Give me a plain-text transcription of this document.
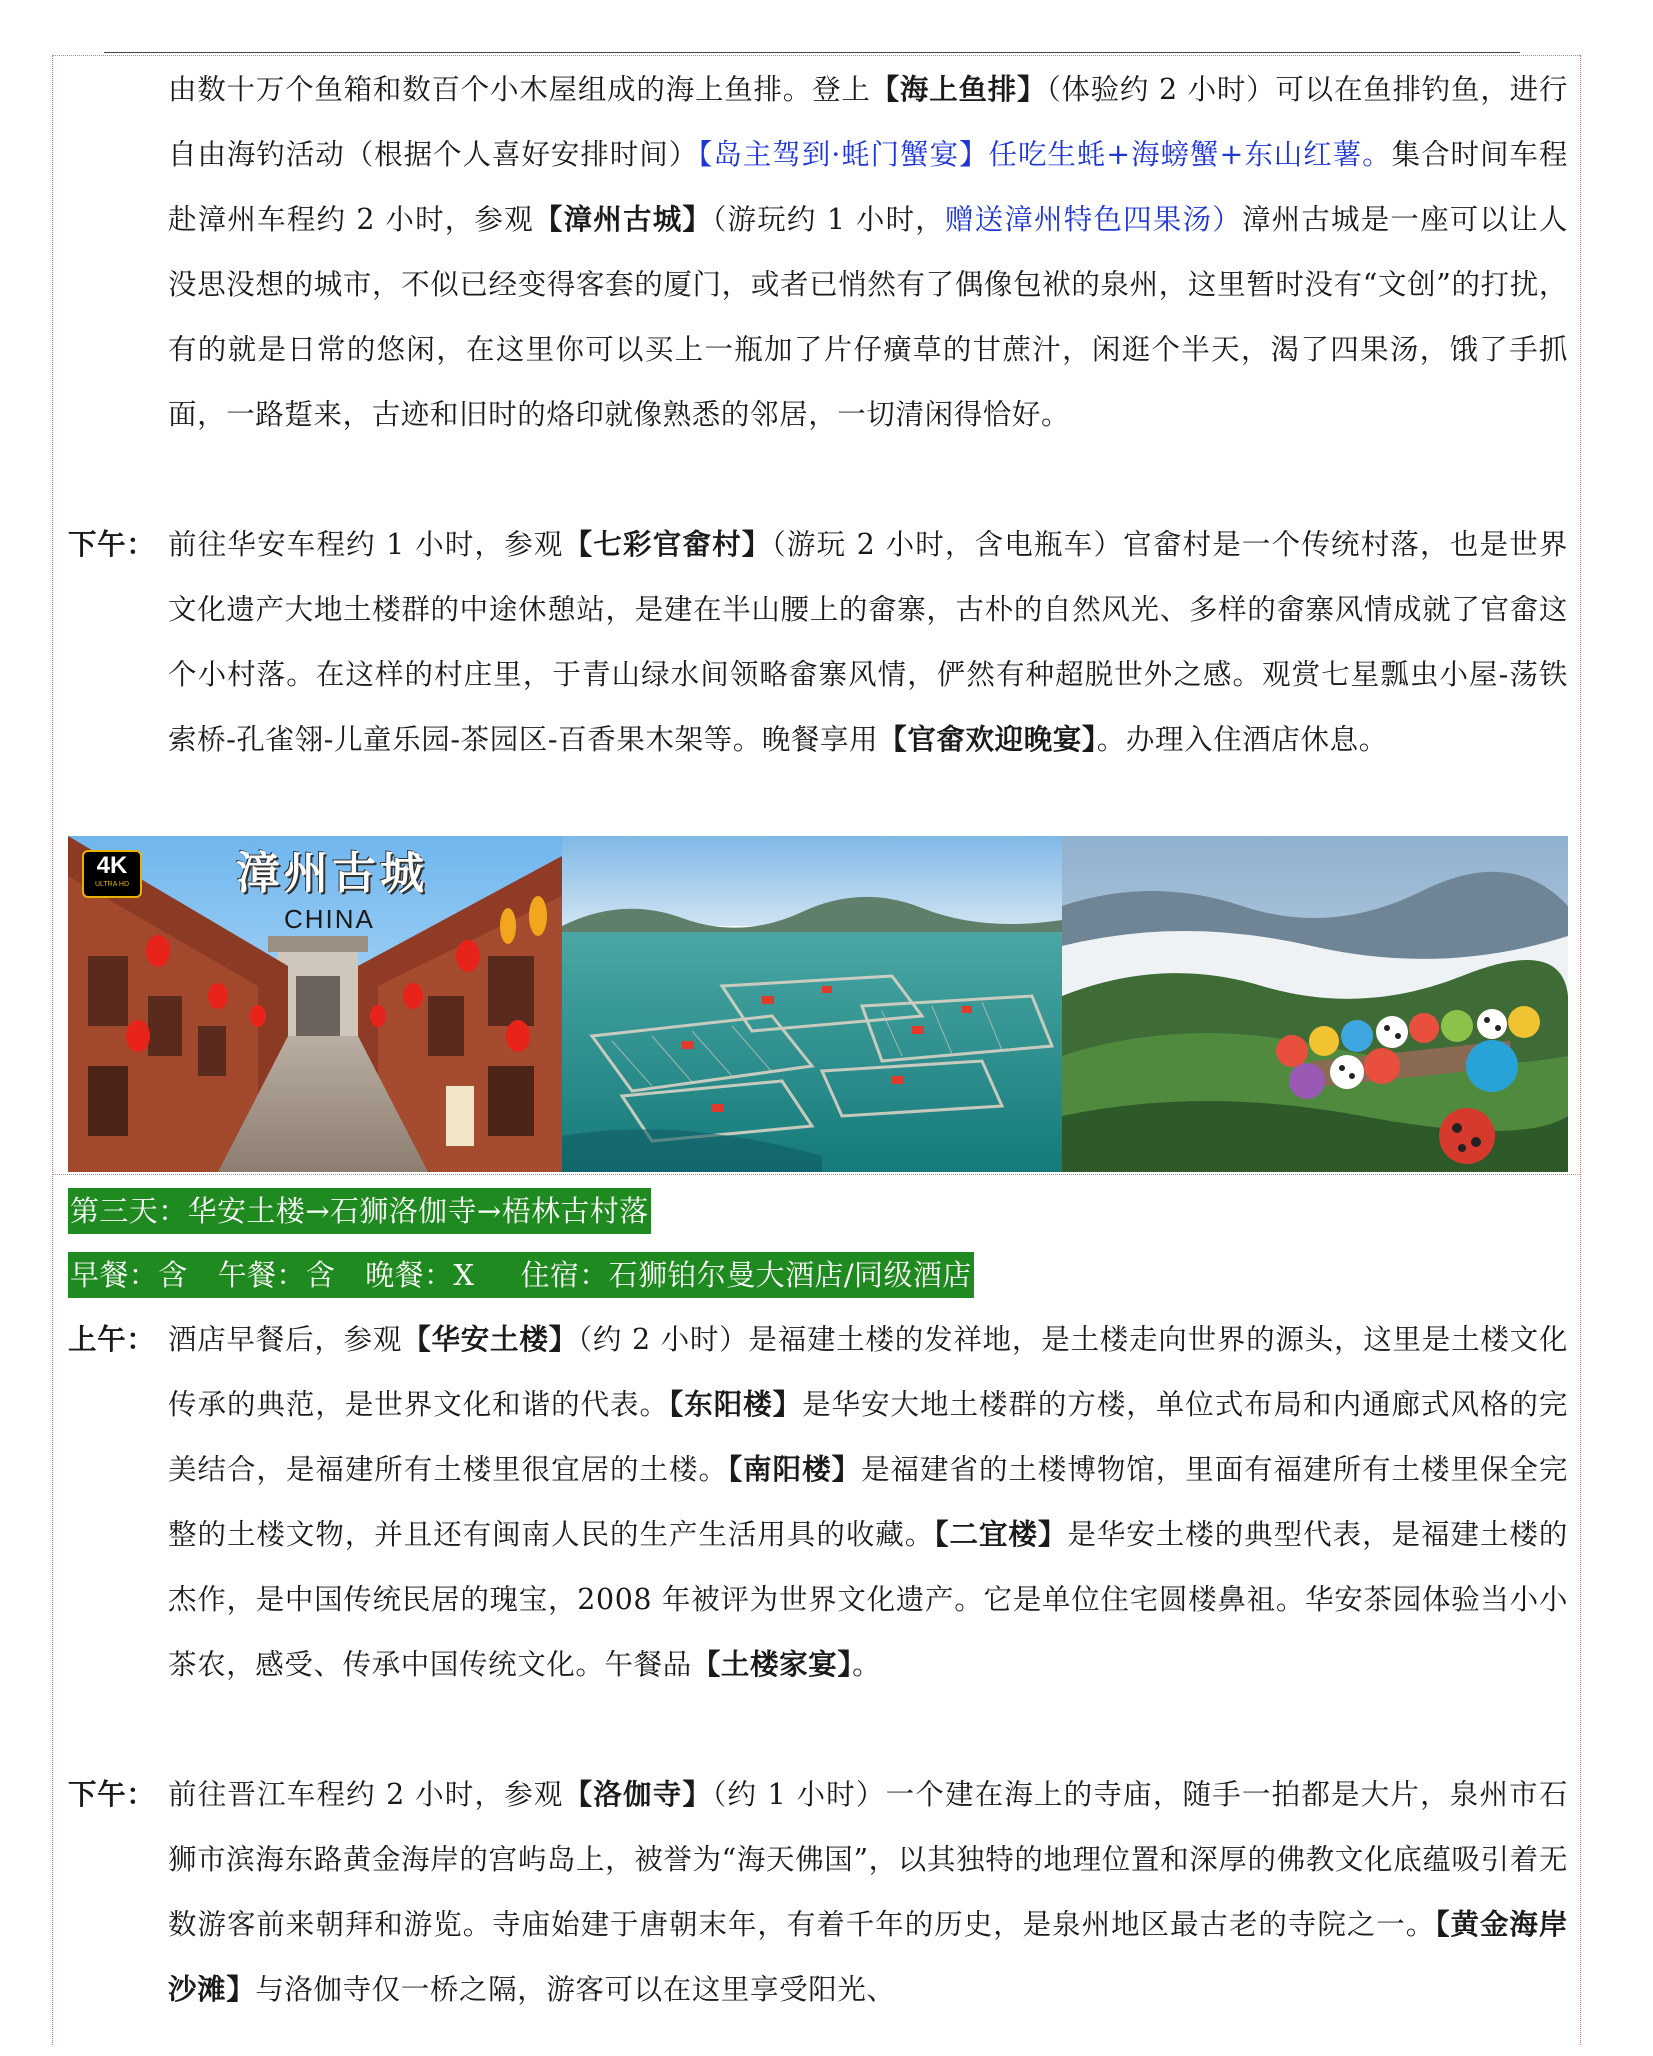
由数十万个鱼箱和数百个小木屋组成的海上鱼排。登上【海上鱼排】（体验约 2 小时）可以在鱼排钓鱼，进行自由海钓活动（根据个人喜好安排时间）【岛主驾到·蚝门蟹宴】任吃生蚝+海螃蟹+东山红薯。集合时间车程赴漳州车程约 2 小时，参观【漳州古城】（游玩约 1 小时，赠送漳州特色四果汤）漳州古城是一座可以让人没思没想的城市，不似已经变得客套的厦门，或者已悄然有了偶像包袱的泉州，这里暂时没有“文创”的打扰，有的就是日常的悠闲，在这里你可以买上一瓶加了片仔癀草的甘蔗汁，闲逛个半天，渴了四果汤，饿了手抓面，一路踅来，古迹和旧时的烙印就像熟悉的邻居，一切清闲得恰好。
下午： 前往华安车程约 1 小时，参观【七彩官畲村】（游玩 2 小时，含电瓶车）官畲村是一个传统村落，也是世界文化遗产大地土楼群的中途休憩站，是建在半山腰上的畲寨，古朴的自然风光、多样的畲寨风情成就了官畲这个小村落。在这样的村庄里，于青山绿水间领略畲寨风情，俨然有种超脱世外之感。观赏七星瓢虫小屋-荡铁索桥-孔雀翎-儿童乐园-茶园区-百香果木架等。晚餐享用【官畲欢迎晚宴】。办理入住酒店休息。
4K
ULTRA HD 漳州古城
CHINA
第三天：华安土楼→石狮洛伽寺→梧林古村落
早餐：含 午餐：含 晚餐：X 住宿：石狮铂尔曼大酒店/同级酒店
上午： 酒店早餐后，参观【华安土楼】（约 2 小时）是福建土楼的发祥地，是土楼走向世界的源头，这里是土楼文化传承的典范，是世界文化和谐的代表。【东阳楼】是华安大地土楼群的方楼，单位式布局和内通廊式风格的完美结合，是福建所有土楼里很宜居的土楼。【南阳楼】是福建省的土楼博物馆，里面有福建所有土楼里保全完整的土楼文物，并且还有闽南人民的生产生活用具的收藏。【二宜楼】是华安土楼的典型代表，是福建土楼的杰作，是中国传统民居的瑰宝，2008 年被评为世界文化遗产。它是单位住宅圆楼鼻祖。华安茶园体验当小小茶农，感受、传承中国传统文化。午餐品【土楼家宴】。
下午： 前往晋江车程约 2 小时，参观【洛伽寺】（约 1 小时）一个建在海上的寺庙，随手一拍都是大片，泉州市石狮市滨海东路黄金海岸的宫屿岛上，被誉为“海天佛国”，以其独特的地理位置和深厚的佛教文化底蕴吸引着无数游客前来朝拜和游览。寺庙始建于唐朝末年，有着千年的历史，是泉州地区最古老的寺院之一。【黄金海岸沙滩】与洛伽寺仅一桥之隔，游客可以在这里享受阳光、
